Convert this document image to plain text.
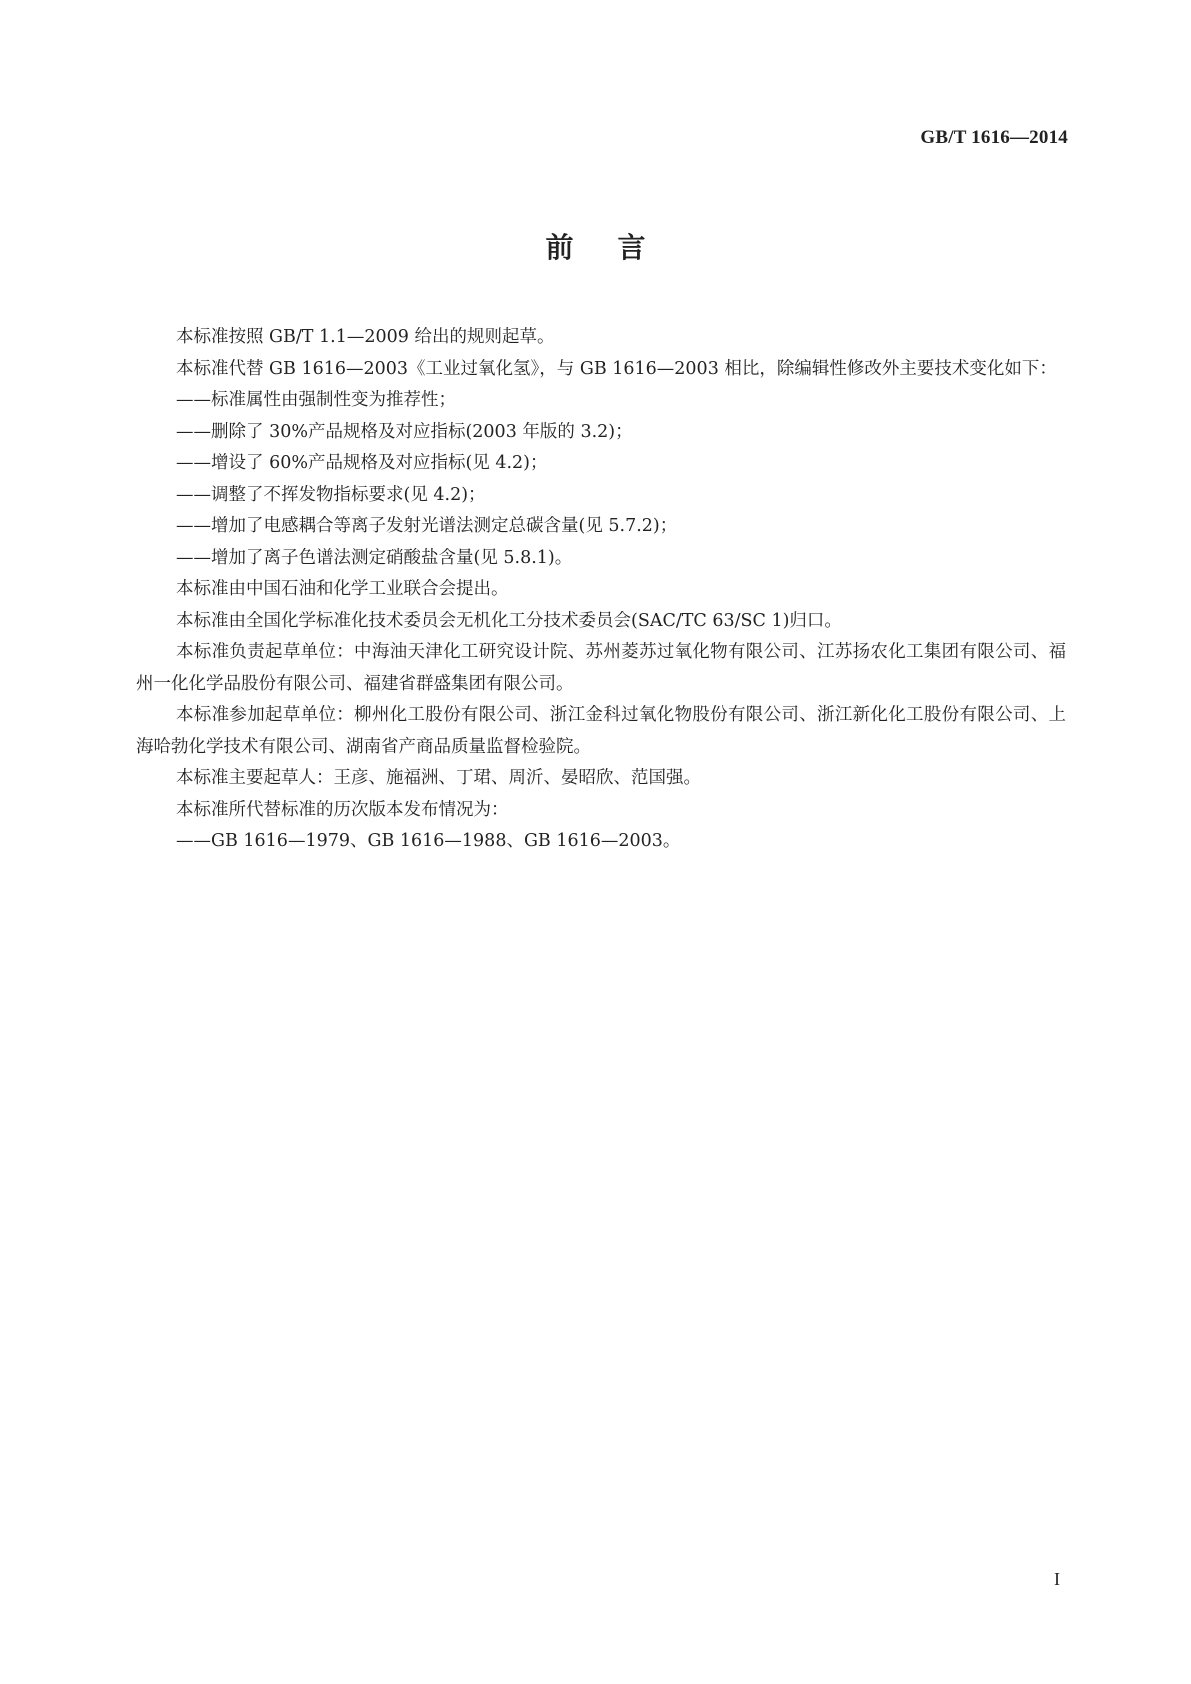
GB/T 1616—2014
前言

本标准按照 GB/T 1.1—2009 给出的规则起草。

本标准代替 GB 1616—2003《工业过氧化氢》，与 GB 1616—2003 相比，除编辑性修改外主要技术变化如下：

——标准属性由强制性变为推荐性；

——删除了 30%产品规格及对应指标(2003 年版的 3.2)；

——增设了 60%产品规格及对应指标(见 4.2)；

——调整了不挥发物指标要求(见 4.2)；

——增加了电感耦合等离子发射光谱法测定总碳含量(见 5.7.2)；

——增加了离子色谱法测定硝酸盐含量(见 5.8.1)。

本标准由中国石油和化学工业联合会提出。

本标准由全国化学标准化技术委员会无机化工分技术委员会(SAC/TC 63/SC 1)归口。

本标准负责起草单位：中海油天津化工研究设计院、苏州菱苏过氧化物有限公司、江苏扬农化工集团有限公司、福州一化化学品股份有限公司、福建省群盛集团有限公司。

本标准参加起草单位：柳州化工股份有限公司、浙江金科过氧化物股份有限公司、浙江新化化工股份有限公司、上海哈勃化学技术有限公司、湖南省产商品质量监督检验院。

本标准主要起草人：王彦、施福洲、丁珺、周沂、晏昭欣、范国强。

本标准所代替标准的历次版本发布情况为：

——GB 1616—1979、GB 1616—1988、GB 1616—2003。

I
